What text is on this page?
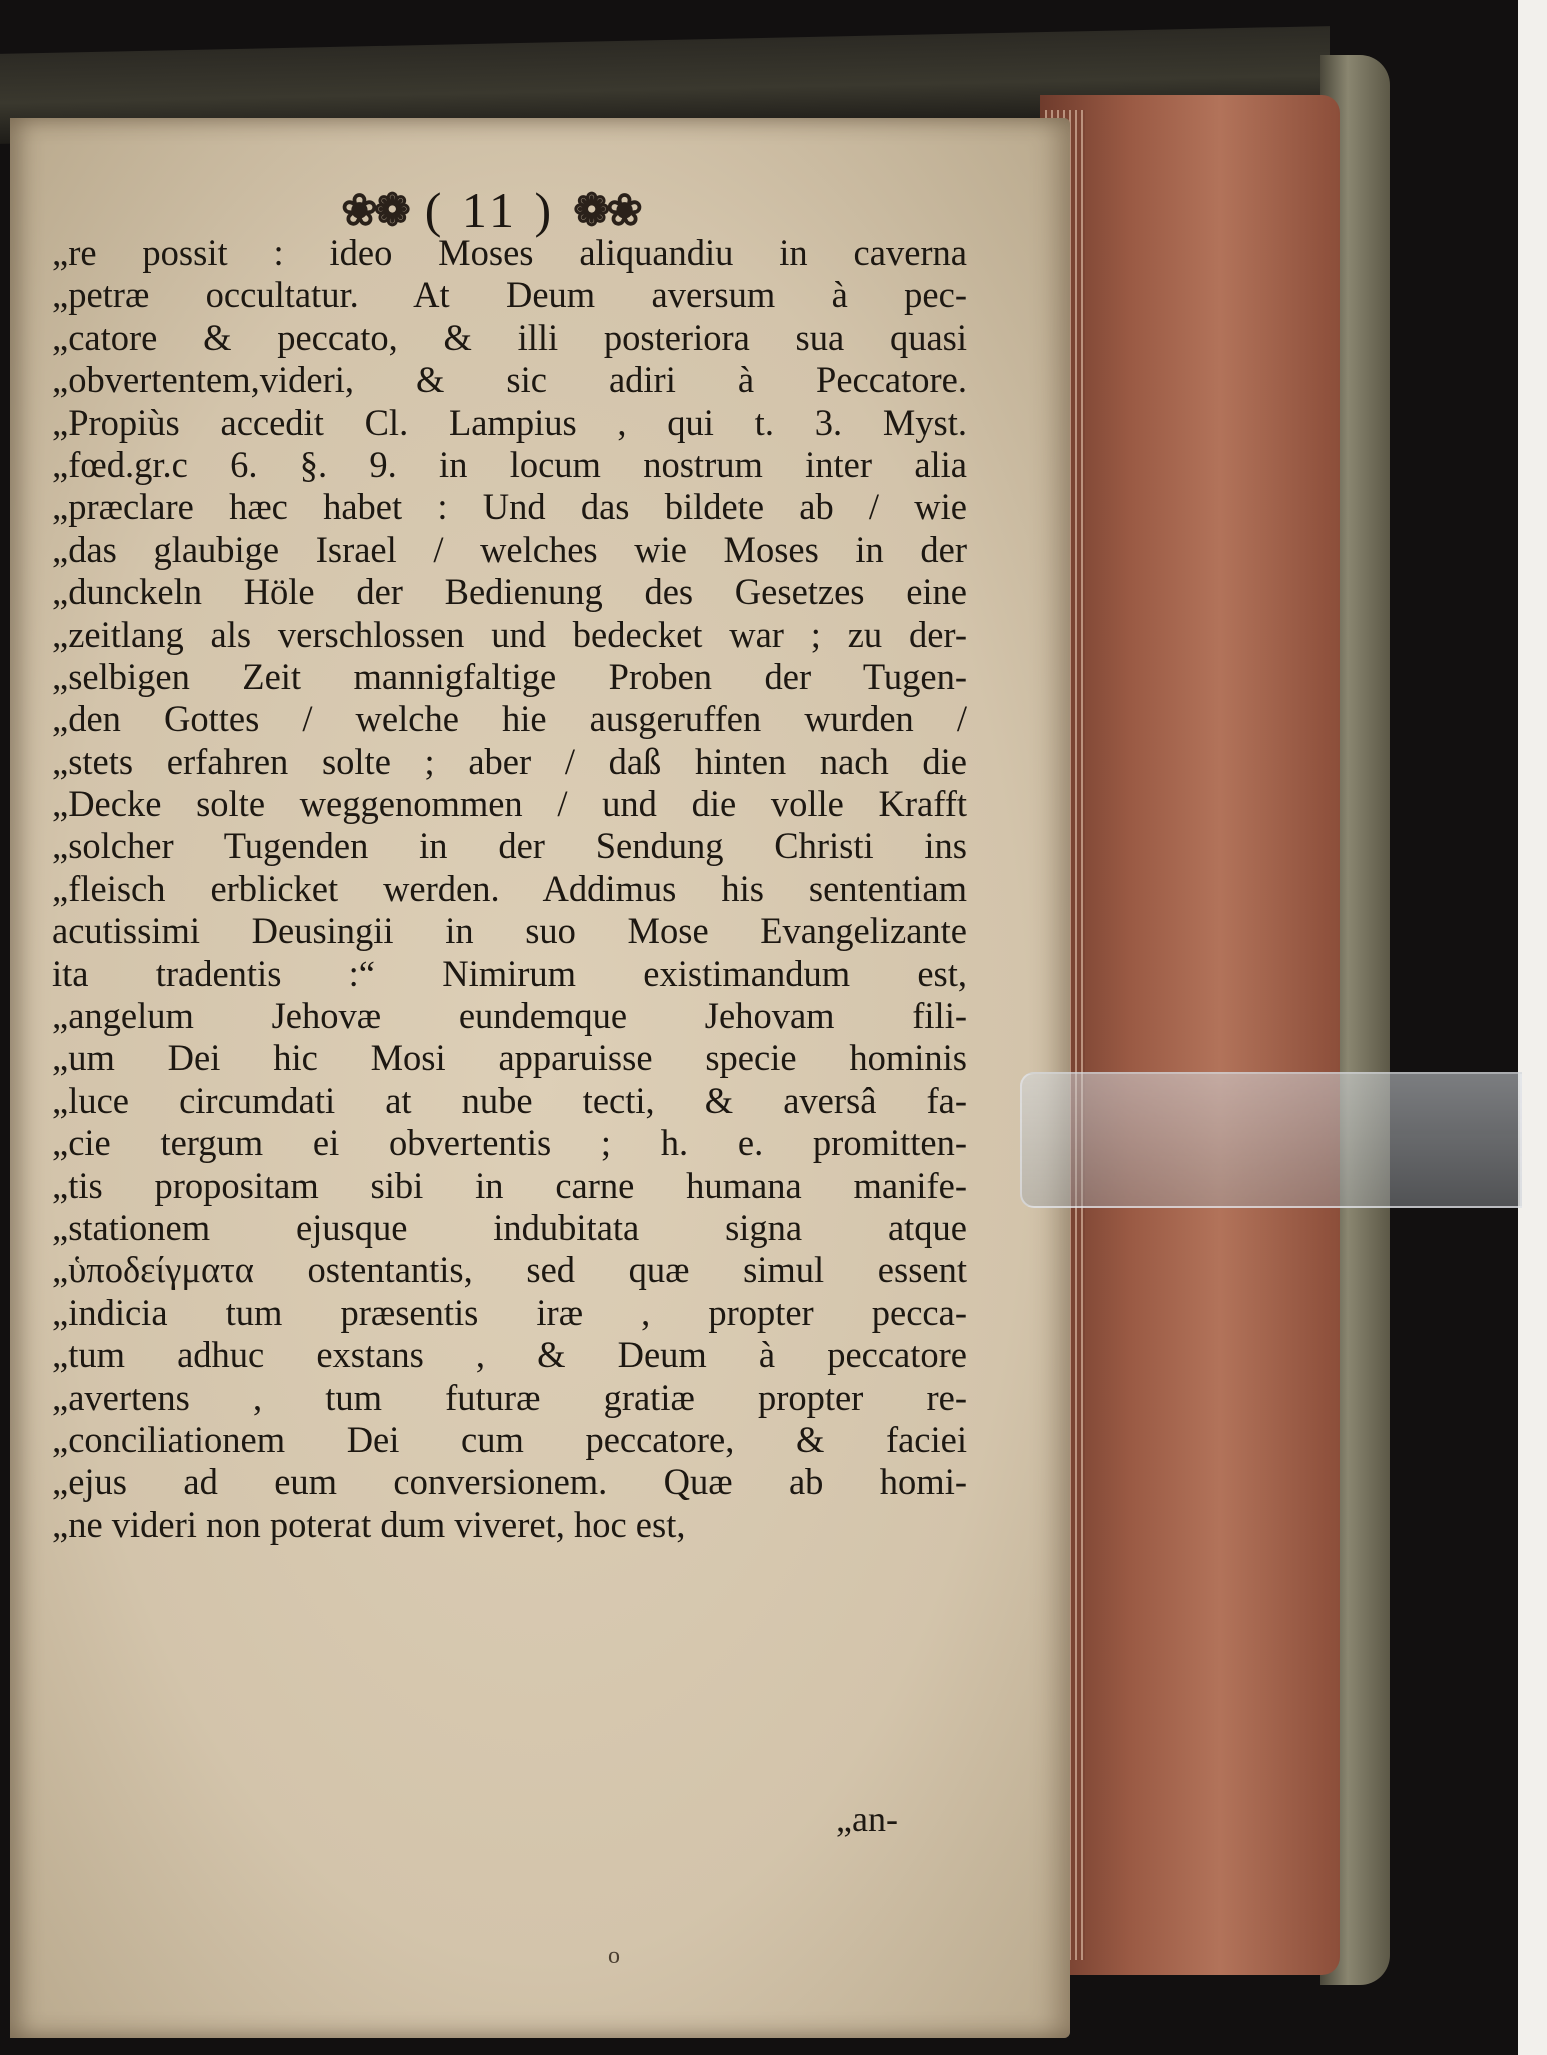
❀❁ ( 11 ) ❁❀
„re possit : ideo Moses aliquandiu in caverna
„petræ occultatur. At Deum aversum à pec-
„catore & peccato, & illi posteriora sua quasi
„obvertentem,videri, & sic adiri à Peccatore.
„Propiùs accedit Cl. Lampius , qui t. 3. Myst.
„fœd.gr.c 6. §. 9. in locum nostrum inter alia
„præclare hæc habet : Und das bildete ab / wie
„das glaubige Israel / welches wie Moses in der
„dunckeln Höle der Bedienung des Gesetzes eine
„zeitlang als verschlossen und bedecket war ; zu der-
„selbigen Zeit mannigfaltige Proben der Tugen-
„den Gottes / welche hie ausgeruffen wurden /
„stets erfahren solte ; aber / daß hinten nach die
„Decke solte weggenommen / und die volle Krafft
„solcher Tugenden in der Sendung Christi ins
„fleisch erblicket werden. Addimus his sententiam
acutissimi Deusingii in suo Mose Evangelizante
ita tradentis :“ Nimirum existimandum est,
„angelum Jehovæ eundemque Jehovam fili-
„um Dei hic Mosi apparuisse specie hominis
„luce circumdati at nube tecti, & aversâ fa-
„cie tergum ei obvertentis ; h. e. promitten-
„tis propositam sibi in carne humana manife-
„stationem ejusque indubitata signa atque
„ὑποδείγματα ostentantis, sed quæ simul essent
„indicia tum præsentis iræ , propter pecca-
„tum adhuc exstans , & Deum à peccatore
„avertens , tum futuræ gratiæ propter re-
„conciliationem Dei cum peccatore, & faciei
„ejus ad eum conversionem. Quæ ab homi-
„ne videri non poterat dum viveret, hoc est,
„an-
o
